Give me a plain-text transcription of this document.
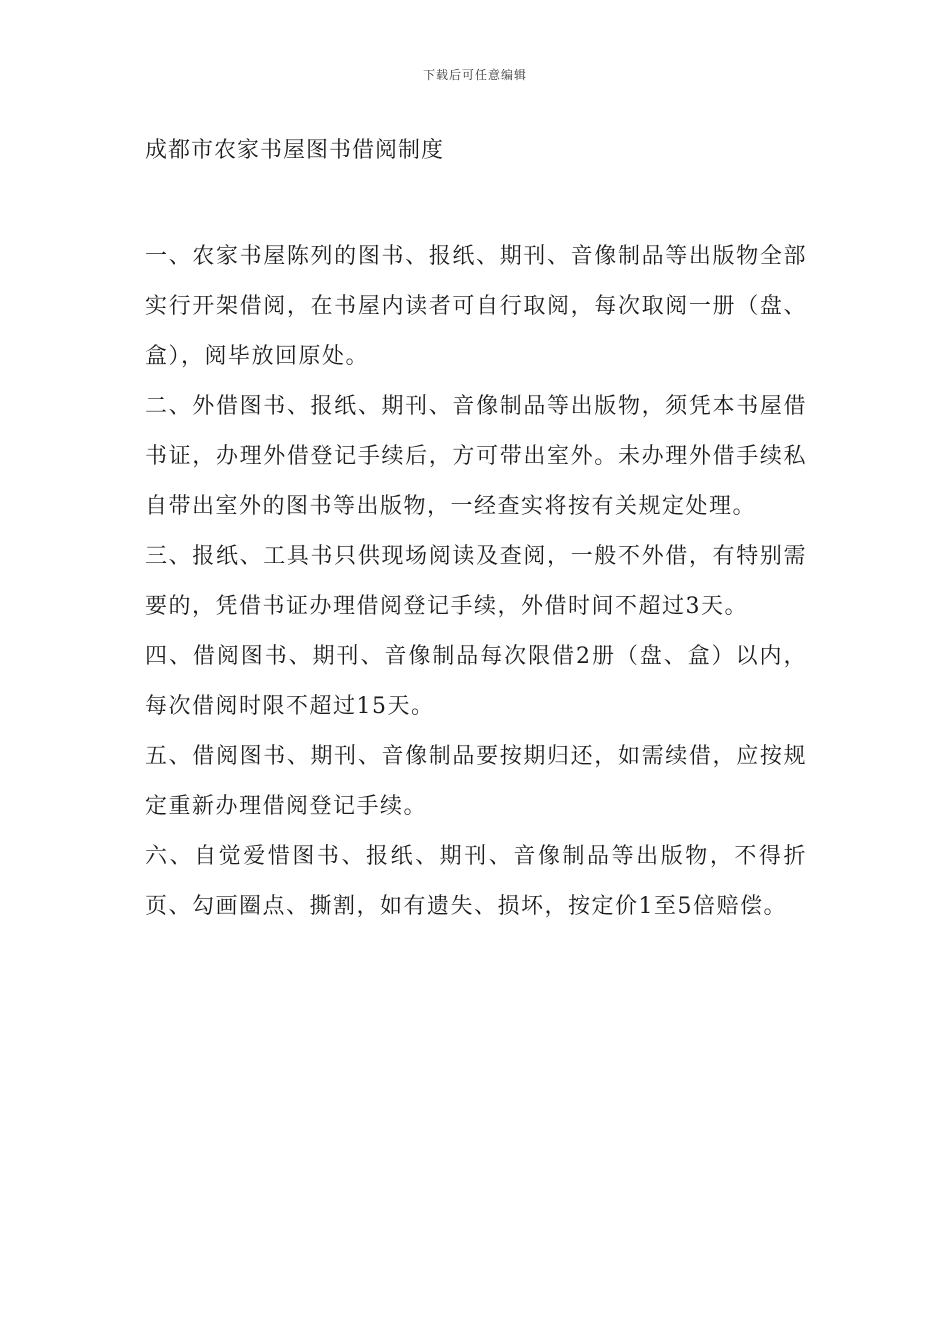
下载后可任意编辑
成都市农家书屋图书借阅制度

一、农家书屋陈列的图书、报纸、期刊、音像制品等出版物全部实行开架借阅，在书屋内读者可自行取阅，每次取阅一册（盘、盒），阅毕放回原处。

二、外借图书、报纸、期刊、音像制品等出版物，须凭本书屋借书证，办理外借登记手续后，方可带出室外。未办理外借手续私自带出室外的图书等出版物，一经查实将按有关规定处理。

三、报纸、工具书只供现场阅读及查阅，一般不外借，有特别需要的，凭借书证办理借阅登记手续，外借时间不超过3天。

四、借阅图书、期刊、音像制品每次限借2册（盘、盒）以内，每次借阅时限不超过15天。

五、借阅图书、期刊、音像制品要按期归还，如需续借，应按规定重新办理借阅登记手续。

六、自觉爱惜图书、报纸、期刊、音像制品等出版物，不得折页、勾画圈点、撕割，如有遗失、损坏，按定价1至5倍赔偿。
